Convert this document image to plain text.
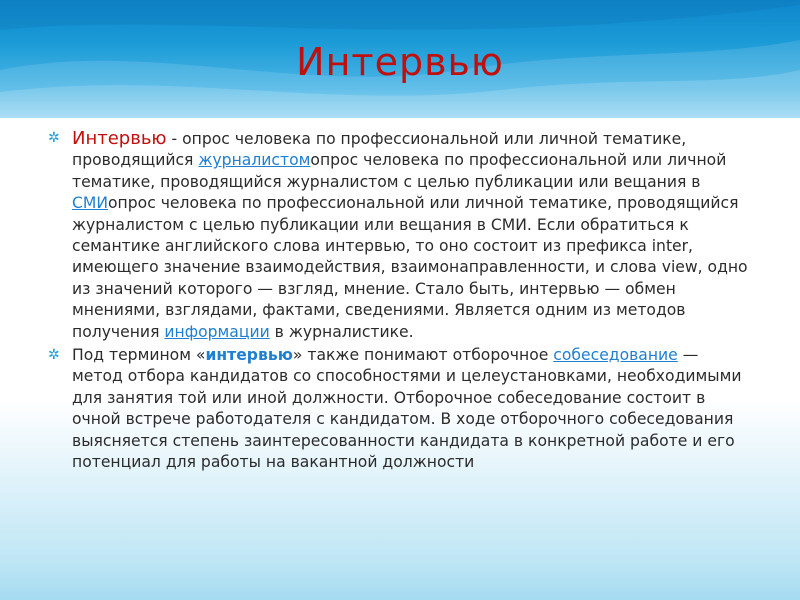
Интервью

✲ Интервью - опрос человека по профессиональной или личной тематике, проводящийся журналистомопрос человека по профессиональной или личной тематике, проводящийся журналистом с целью публикации или вещания в СМИопрос человека по профессиональной или личной тематике, проводящийся журналистом с целью публикации или вещания в СМИ. Если обратиться к семантике английского слова интервью, то оно состоит из префикса inter, имеющего значение взаимодействия, взаимонаправленности, и слова view, одно из значений которого — взгляд, мнение. Стало быть, интервью — обмен мнениями, взглядами, фактами, сведениями. Является одним из методов получения информации в журналистике.

✲ Под термином «интервью» также понимают отборочное собеседование — метод отбора кандидатов со способностями и целеустановками, необходимыми для занятия той или иной должности. Отборочное собеседование состоит в очной встрече работодателя с кандидатом. В ходе отборочного собеседования выясняется степень заинтересованности кандидата в конкретной работе и его потенциал для работы на вакантной должности
